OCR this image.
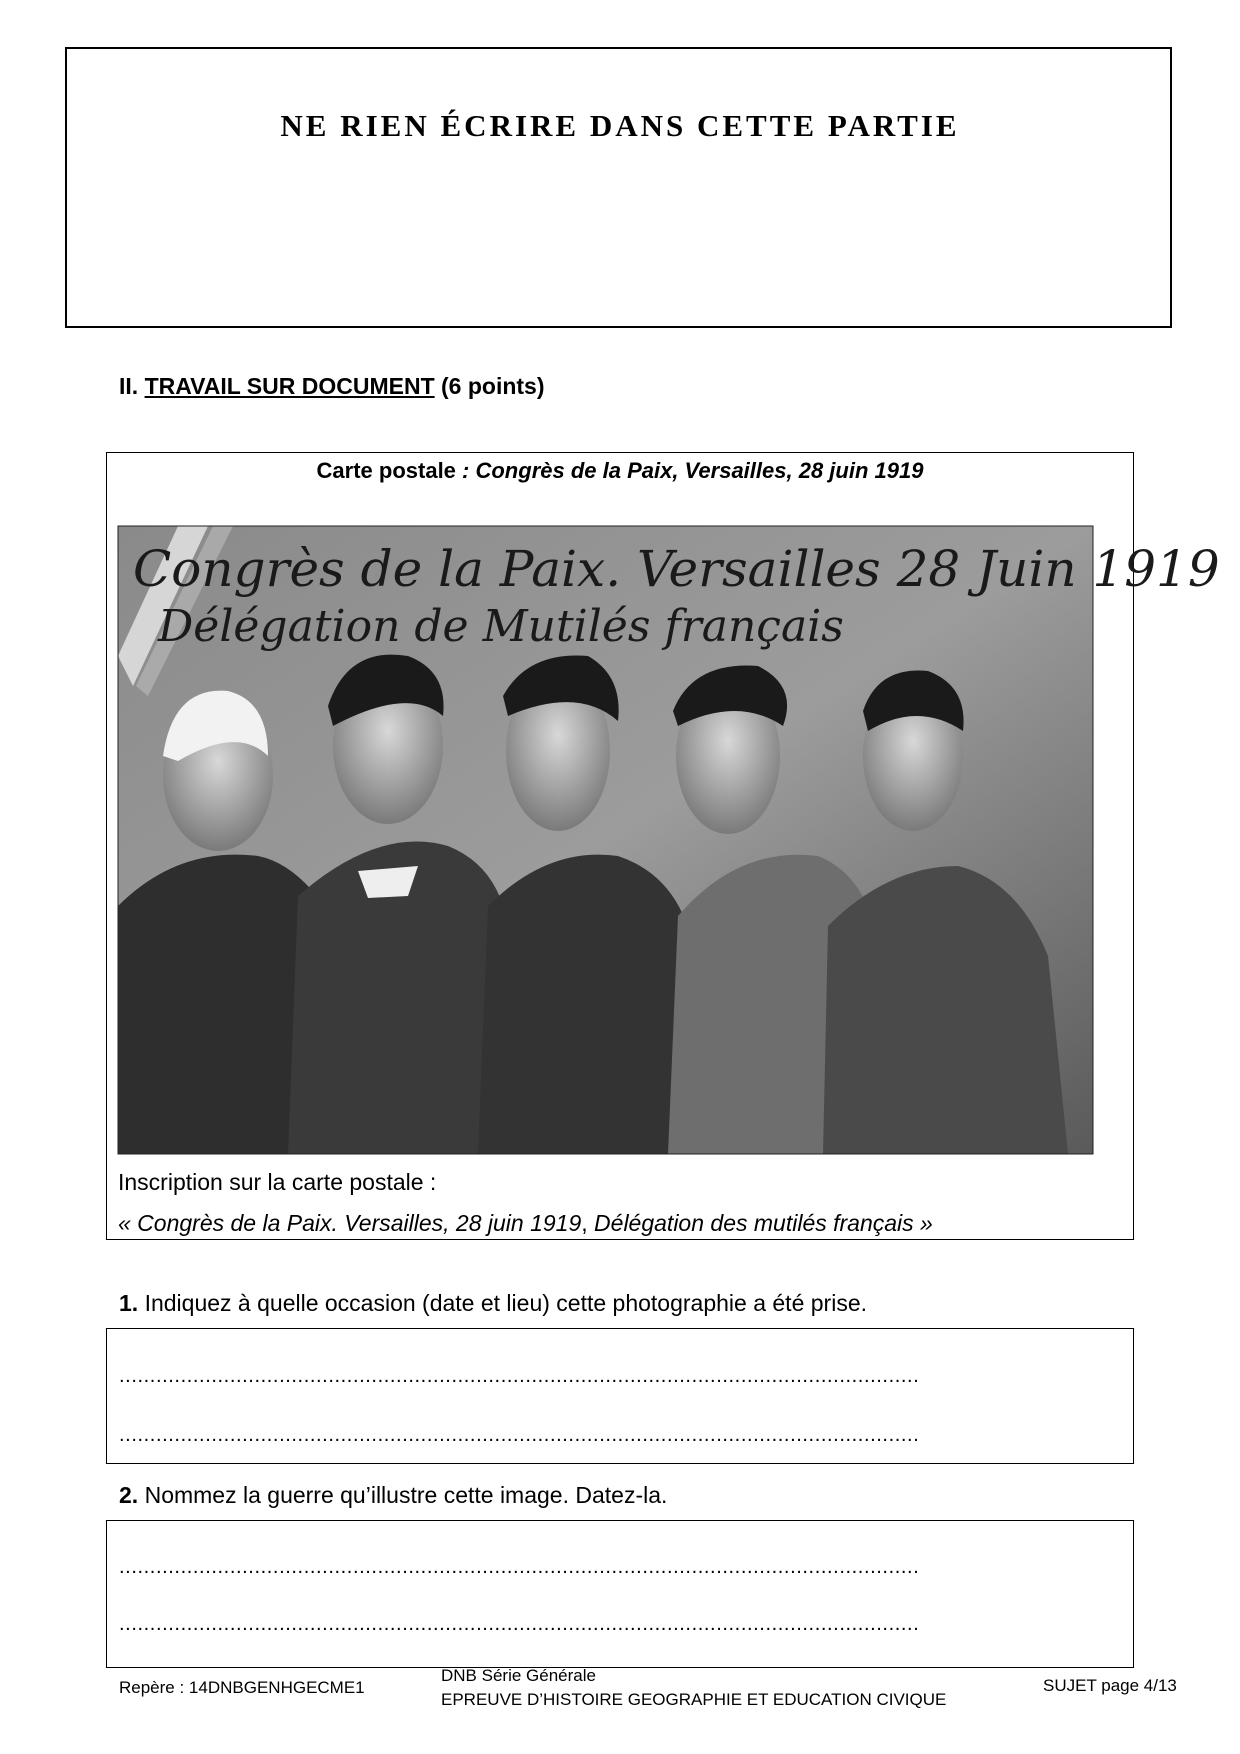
NE RIEN ÉCRIRE DANS CETTE PARTIE
II. TRAVAIL SUR DOCUMENT (6 points)
Carte postale : Congrès de la Paix, Versailles, 28 juin 1919
Congrès de la Paix. Versailles 28 Juin 1919
Délégation de Mutilés français
Inscription sur la carte postale :
« Congrès de la Paix. Versailles, 28 juin 1919, Délégation des mutilés français »
1. Indiquez à quelle occasion (date et lieu) cette photographie a été prise.
..................................................................................................................................
..................................................................................................................................
2. Nommez la guerre qu’illustre cette image. Datez-la.
..................................................................................................................................
..................................................................................................................................
Repère : 14DNBGENHGECME1
DNB Série Générale
EPREUVE D’HISTOIRE GEOGRAPHIE ET EDUCATION CIVIQUE
SUJET page 4/13
